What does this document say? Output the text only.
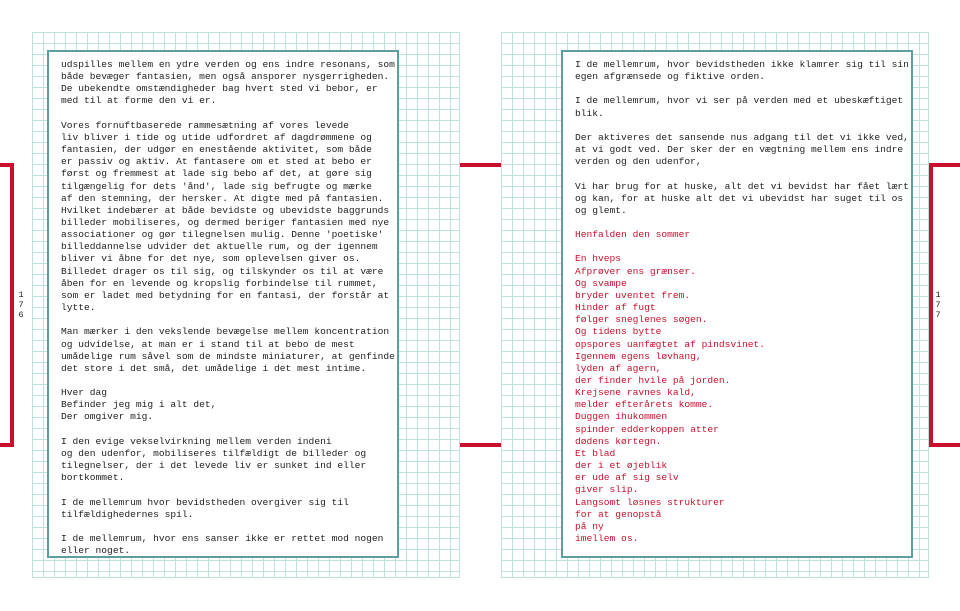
1
7
6
1
7
7

udspilles mellem en ydre verden og ens indre resonans, som
både bevæger fantasien, men også ansporer nysgerrigheden.
De ubekendte omstændigheder bag hvert sted vi bebor, er
med til at forme den vi er.

Vores fornuftbaserede rammesætning af vores levede
liv bliver i tide og utide udfordret af dagdrømmene og
fantasien, der udgør en enestående aktivitet, som både
er passiv og aktiv. At fantasere om et sted at bebo er
først og fremmest at lade sig bebo af det, at gøre sig
tilgængelig for dets 'ånd', lade sig befrugte og mærke
af den stemning, der hersker. At digte med på fantasien.
Hvilket indebærer at både bevidste og ubevidste baggrunds
billeder mobiliseres, og dermed beriger fantasien med nye
associationer og gør tilegnelsen mulig. Denne 'poetiske'
billeddannelse udvider det aktuelle rum, og der igennem
bliver vi åbne for det nye, som oplevelsen giver os.
Billedet drager os til sig, og tilskynder os til at være
åben for en levende og kropslig forbindelse til rummet,
som er ladet med betydning for en fantasi, der forstår at
lytte.

Man mærker i den vekslende bevægelse mellem koncentration
og udvidelse, at man er i stand til at bebo de mest
umådelige rum såvel som de mindste miniaturer, at genfinde
det store i det små, det umådelige i det mest intime.

Hver dag
Befinder jeg mig i alt det,
Der omgiver mig.

I den evige vekselvirkning mellem verden indeni
og den udenfor, mobiliseres tilfældigt de billeder og
tilegnelser, der i det levede liv er sunket ind eller
bortkommet.

I de mellemrum hvor bevidstheden overgiver sig til
tilfældighedernes spil.

I de mellemrum, hvor ens sanser ikke er rettet mod nogen
eller noget.

I de mellemrum, hvor bevidstheden ikke klamrer sig til sin
egen afgrænsede og fiktive orden.

I de mellemrum, hvor vi ser på verden med et ubeskæftiget
blik.

Der aktiveres det sansende nus adgang til det vi ikke ved,
at vi godt ved. Der sker der en vægtning mellem ens indre
verden og den udenfor,

Vi har brug for at huske, alt det vi bevidst har fået lært
og kan, for at huske alt det vi ubevidst har suget til os
og glemt.

Henfalden den sommer

En hveps
Afprøver ens grænser.
Og svampe
bryder uventet frem.
Hinder af fugt
følger sneglenes søgen.
Og tidens bytte
opspores uanfægtet af pindsvinet.
Igennem egens løvhang,
lyden af agern,
der finder hvile på jorden.
Krejsene ravnes kald,
melder efterårets komme.
Duggen ihukommen
spinder edderkoppen atter
dødens kørtegn.
Et blad
der i et øjeblik
er ude af sig selv
giver slip.
Langsomt løsnes strukturer
for at genopstå
på ny
imellem os.
